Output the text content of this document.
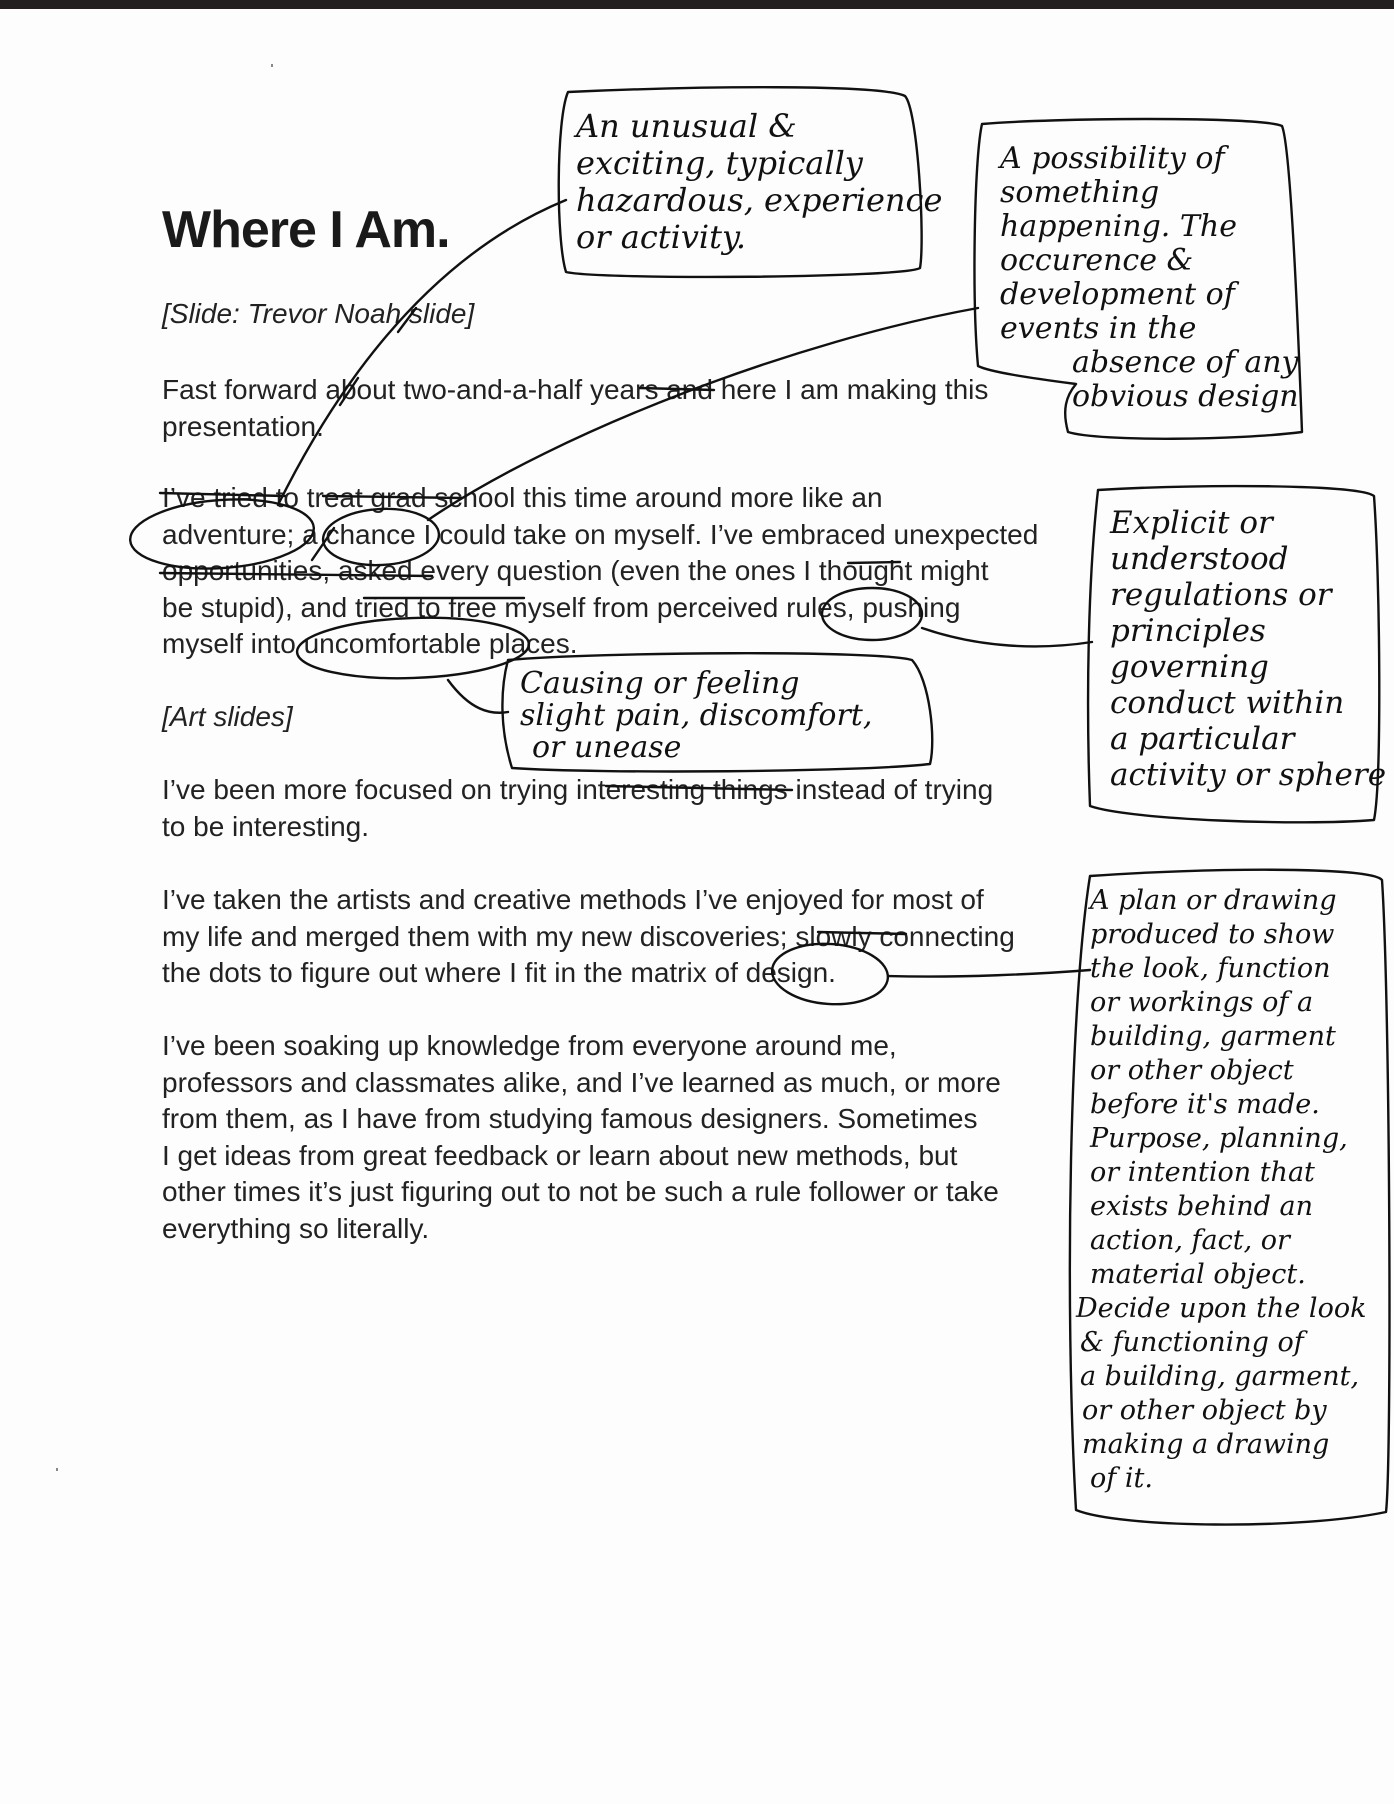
Where I Am.

[Slide: Trevor Noah slide]

Fast forward about two-and-a-half years and here I am making this
presentation.

I’ve tried to treat grad school this time around more like an
adventure; a chance I could take on myself. I’ve embraced unexpected
opportunities, asked every question (even the ones I thought might
be stupid), and tried to free myself from perceived rules, pushing
myself into uncomfortable places.

[Art slides]

I’ve been more focused on trying interesting things instead of trying
to be interesting.

I’ve taken the artists and creative methods I’ve enjoyed for most of
my life and merged them with my new discoveries; slowly connecting
the dots to figure out where I fit in the matrix of design.

I’ve been soaking up knowledge from everyone around me,
professors and classmates alike, and I’ve learned as much, or more
from them, as I have from studying famous designers. Sometimes
I get ideas from great feedback or learn about new methods, but
other times it’s just figuring out to not be such a rule follower or take
everything so literally.

An unusual &
exciting, typically
hazardous, experience
or activity.
A possibility of
something
happening. The
occurence &
development of
events in the
absence of any
obvious design
Explicit or
understood
regulations or
principles
governing
conduct within
a particular
activity or sphere
Causing or feeling
slight pain, discomfort,
or unease
A plan or drawing
produced to show
the look, function
or workings of a
building, garment
or other object
before it's made.
Purpose, planning,
or intention that
exists behind an
action, fact, or
material object.
Decide upon the look
& functioning of
a building, garment,
or other object by
making a drawing
of it.
